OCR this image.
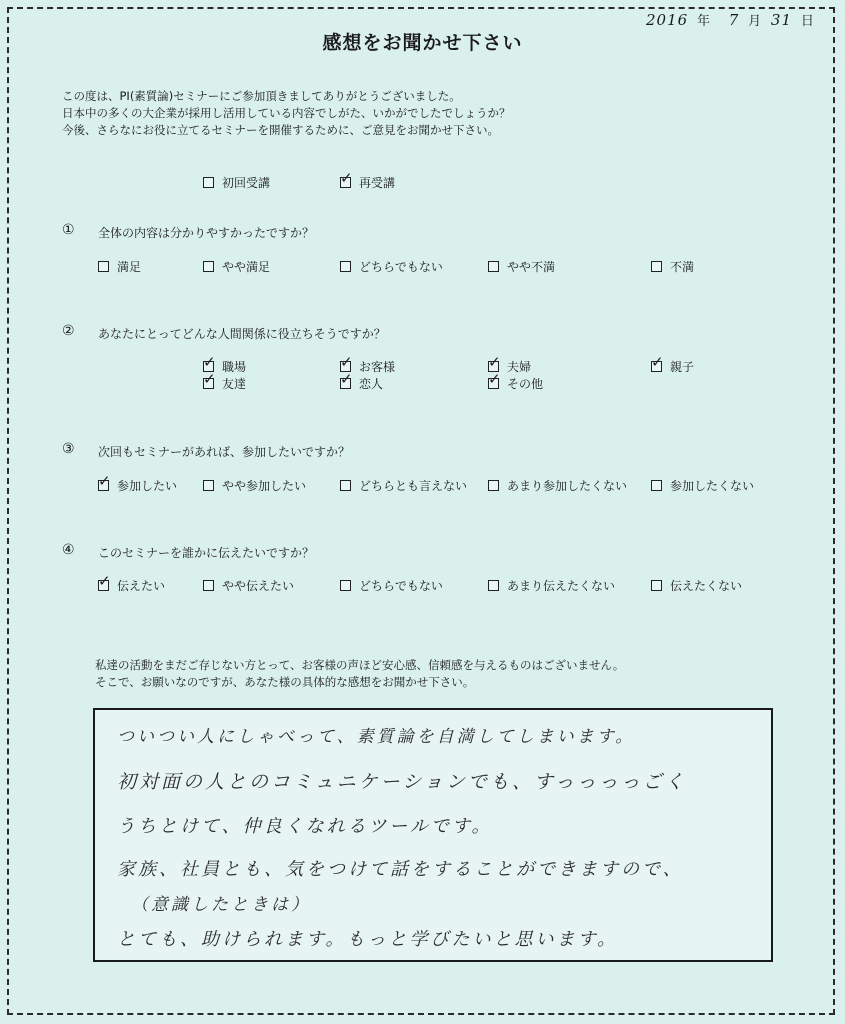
2016 年 7 月 31 日
感想をお聞かせ下さい
この度は、PI(素質論)セミナーにご参加頂きましてありがとうございました。
日本中の多くの大企業が採用し活用している内容でしがた、いかがでしたでしょうか？
今後、さらなにお役に立てるセミナーを開催するために、ご意見をお聞かせ下さい。
初回受講 ✓	再受講
① 全体の内容は分かりやすかったですか？
満足	やや満足	どちらでもない	やや不満	不満
② あなたにとってどんな人間関係に役立ちそうですか？
✓職場 ✓	お客様 ✓	夫婦 ✓	親子
✓友達 ✓	恋人 ✓	その他
③ 次回もセミナーがあれば、参加したいですか？
✓参加したい	やや参加したい	どちらとも言えない	あまり参加したくない	参加したくない
④ このセミナーを誰かに伝えたいですか？
✓伝えたい	やや伝えたい	どちらでもない	あまり伝えたくない	伝えたくない
私達の活動をまだご存じない方とって、お客様の声ほど安心感、信頼感を与えるものはございません。
そこで、お願いなのですが、あなた様の具体的な感想をお聞かせ下さい。
ついつい人にしゃべって、素質論を自満してしまいます。
初対面の人とのコミュニケーションでも、すっっっっごく
うちとけて、仲良くなれるツールです。
家族、社員とも、気をつけて話をすることができますので、
（意識したときは）
とても、助けられます。もっと学びたいと思います。
